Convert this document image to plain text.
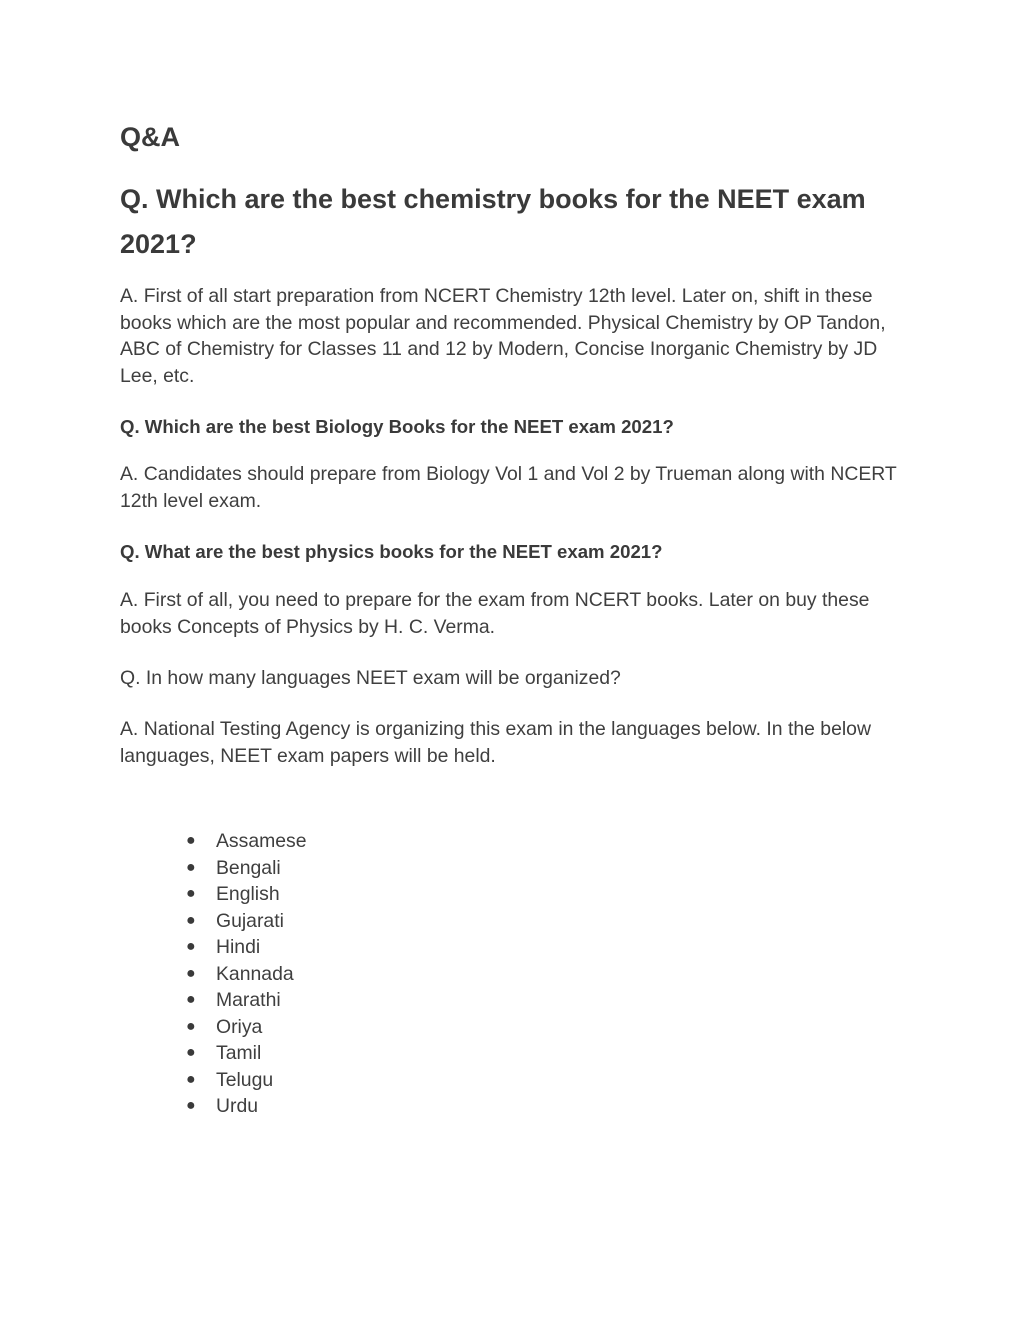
Q&A
Q. Which are the best chemistry books for the NEET exam 2021?

A. First of all start preparation from NCERT Chemistry 12th level. Later on, shift in these books which are the most popular and recommended. Physical Chemistry by OP Tandon, ABC of Chemistry for Classes 11 and 12 by Modern, Concise Inorganic Chemistry by JD Lee, etc.

Q. Which are the best Biology Books for the NEET exam 2021?

A. Candidates should prepare from Biology Vol 1 and Vol 2 by Trueman along with NCERT 12th level exam.

Q. What are the best physics books for the NEET exam 2021?

A. First of all, you need to prepare for the exam from NCERT books. Later on buy these books Concepts of Physics by H. C. Verma.

Q. In how many languages NEET exam will be organized?

A. National Testing Agency is organizing this exam in the languages below. In the below languages, NEET exam papers will be held.

● Assamese
● Bengali
● English
● Gujarati
● Hindi
● Kannada
● Marathi
● Oriya
● Tamil
● Telugu
● Urdu
